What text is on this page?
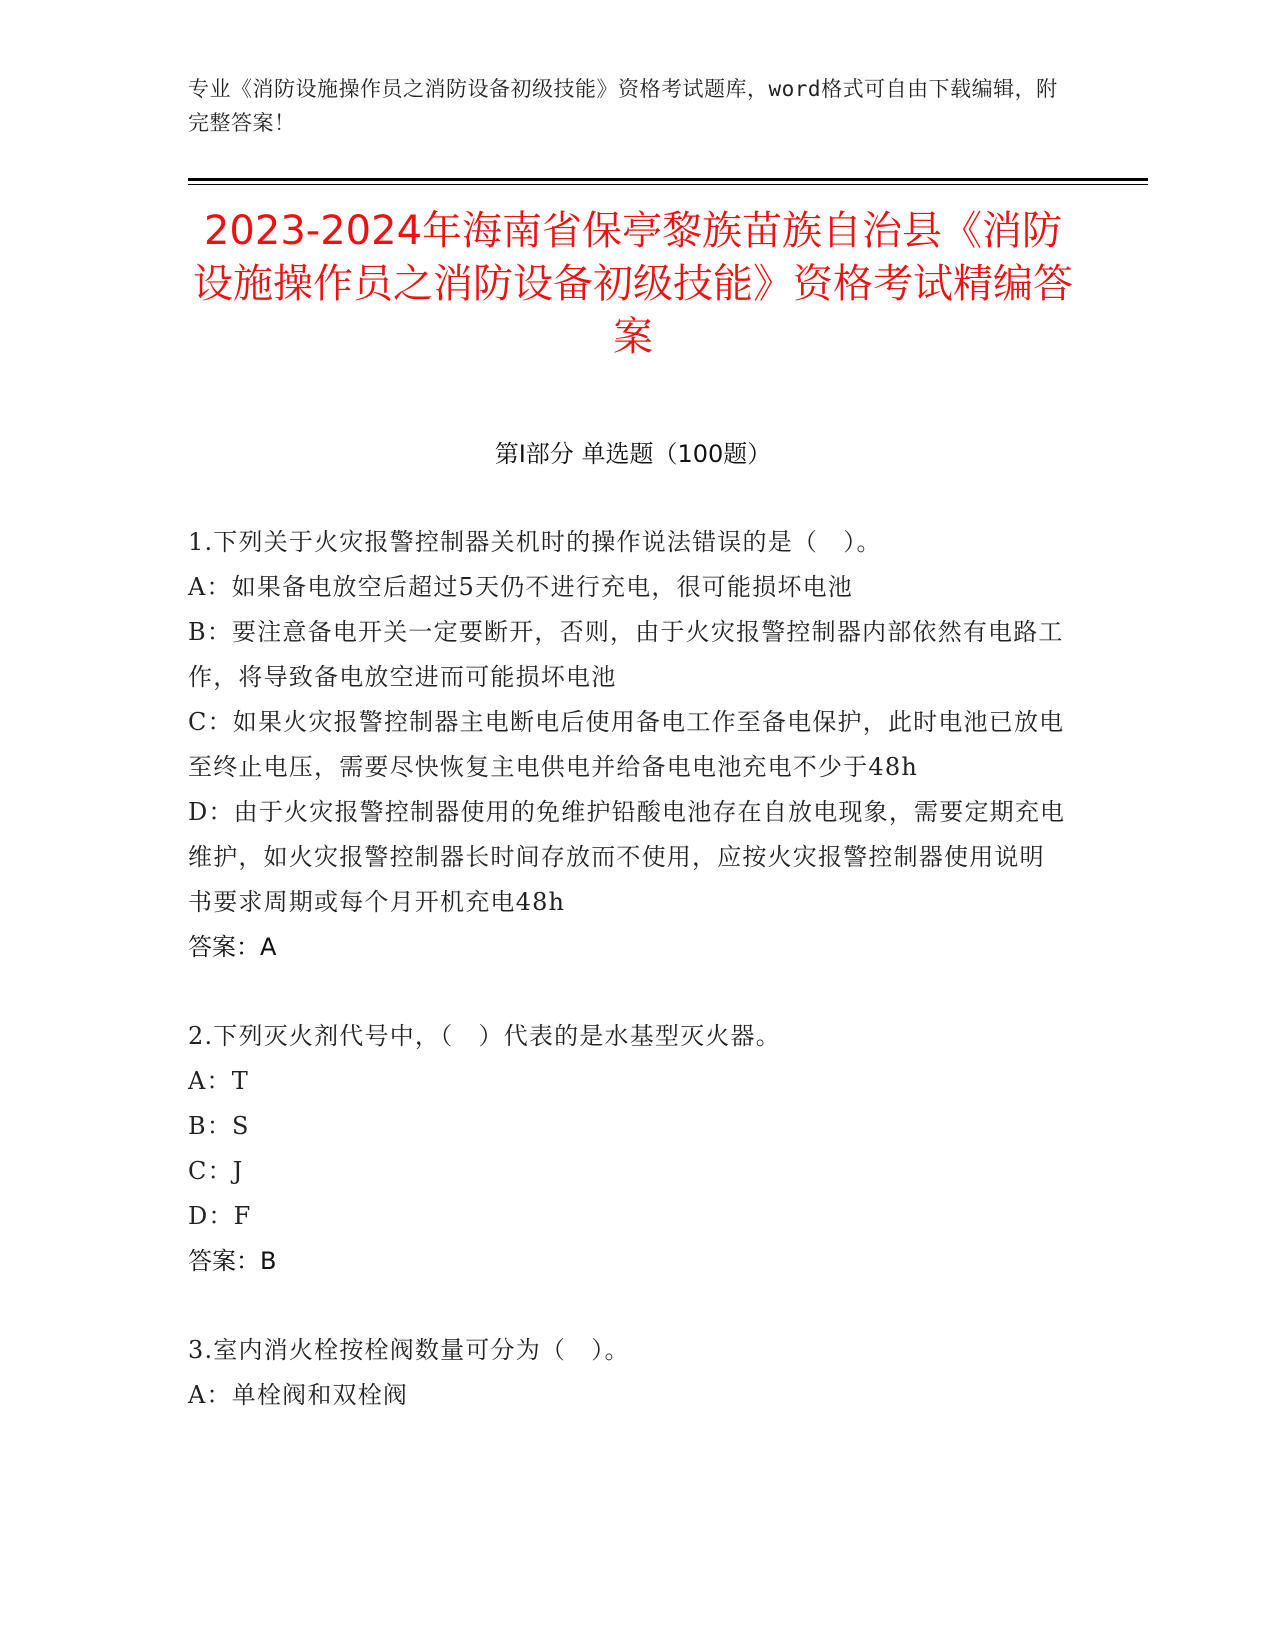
专业《消防设施操作员之消防设备初级技能》资格考试题库，word格式可自由下载编辑，附完整答案！
2023-2024年海南省保亭黎族苗族自治县《消防设施操作员之消防设备初级技能》资格考试精编答案
第Ⅰ部分 单选题（100题）
1.下列关于火灾报警控制器关机时的操作说法错误的是（　）。
A：如果备电放空后超过5天仍不进行充电，很可能损坏电池
B：要注意备电开关一定要断开，否则，由于火灾报警控制器内部依然有电路工作，将导致备电放空进而可能损坏电池
C：如果火灾报警控制器主电断电后使用备电工作至备电保护，此时电池已放电至终止电压，需要尽快恢复主电供电并给备电电池充电不少于48h
D：由于火灾报警控制器使用的免维护铅酸电池存在自放电现象，需要定期充电维护，如火灾报警控制器长时间存放而不使用，应按火灾报警控制器使用说明书要求周期或每个月开机充电48h
答案：A
2.下列灭火剂代号中，（　）代表的是水基型灭火器。
A：T
B：S
C：J
D：F
答案：B
3.室内消火栓按栓阀数量可分为（　）。
A：单栓阀和双栓阀
